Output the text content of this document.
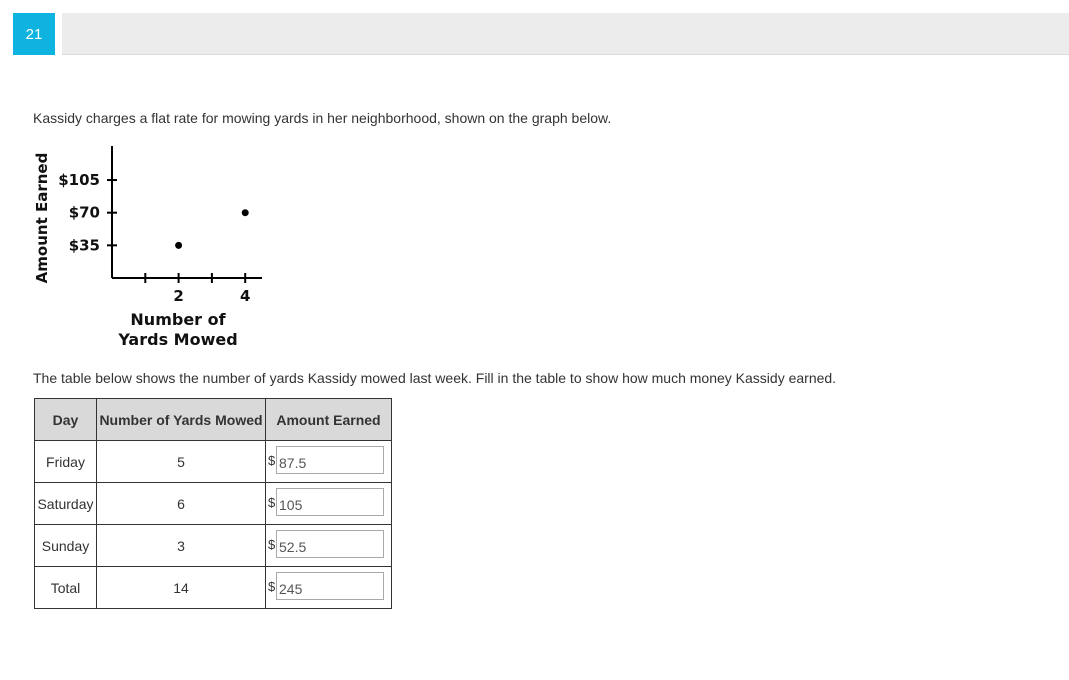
21
Kassidy charges a flat rate for mowing yards in her neighborhood, shown on the graph below.
2	4
$35
$70
$105
Number of
Yards Mowed
Amount Earned
The table below shows the number of yards Kassidy mowed last week. Fill in the table to show how much money Kassidy earned.
Day	Number of Yards Mowed	Amount Earned
Friday	5	$
87.5
Saturday	6	$
105
Sunday	3	$
52.5
Total	14	$
245
